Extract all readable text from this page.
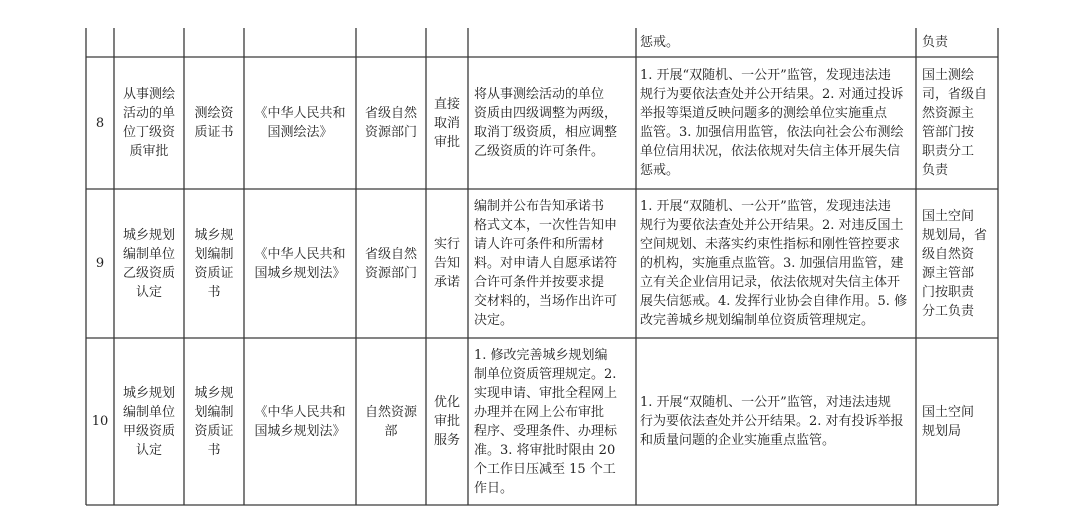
惩戒。	负责
8
从事测绘
活动的单
位丁级资
质审批
测绘资
质证书
《中华人民共和
国测绘法》
省级自然
资源部门
直接
取消
审批
将从事测绘活动的单位
资质由四级调整为两级，
取消丁级资质，相应调整
乙级资质的许可条件。
1. 开展“双随机、一公开”监管，发现违法违
规行为要依法查处并公开结果。2. 对通过投诉
举报等渠道反映问题多的测绘单位实施重点
监管。3. 加强信用监管，依法向社会公布测绘
单位信用状况，依法依规对失信主体开展失信
惩戒。
国土测绘
司，省级自
然资源主
管部门按
职责分工
负责
9
城乡规划
编制单位
乙级资质
认定
城乡规
划编制
资质证
书
《中华人民共和
国城乡规划法》
省级自然
资源部门
实行
告知
承诺
编制并公布告知承诺书
格式文本，一次性告知申
请人许可条件和所需材
料。对申请人自愿承诺符
合许可条件并按要求提
交材料的，当场作出许可
决定。
1. 开展“双随机、一公开”监管，发现违法违
规行为要依法查处并公开结果。2. 对违反国土
空间规划、未落实约束性指标和刚性管控要求
的机构，实施重点监管。3. 加强信用监管，建
立有关企业信用记录，依法依规对失信主体开
展失信惩戒。4. 发挥行业协会自律作用。5. 修
改完善城乡规划编制单位资质管理规定。
国土空间
规划局，省
级自然资
源主管部
门按职责
分工负责
10
城乡规划
编制单位
甲级资质
认定
城乡规
划编制
资质证
书
《中华人民共和
国城乡规划法》
自然资源
部
优化
审批
服务
1. 修改完善城乡规划编
制单位资质管理规定。2.
实现申请、审批全程网上
办理并在网上公布审批
程序、受理条件、办理标
准。3. 将审批时限由 20
个工作日压减至 15 个工
作日。
1. 开展“双随机、一公开”监管，对违法违规
行为要依法查处并公开结果。2. 对有投诉举报
和质量问题的企业实施重点监管。
国土空间
规划局
